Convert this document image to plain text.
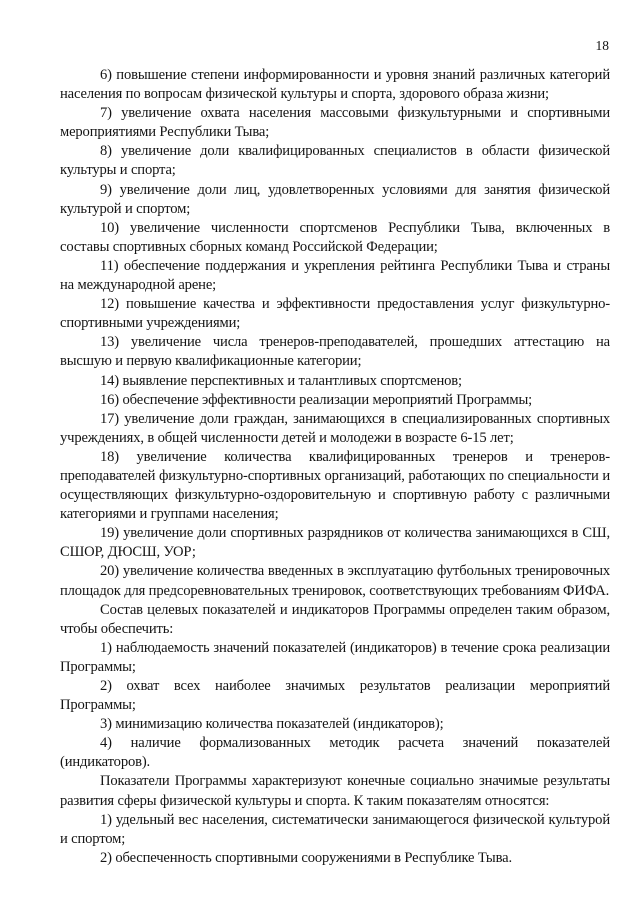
18

6) повышение степени информированности и уровня знаний различных категорий населения по вопросам физической культуры и спорта, здорового образа жизни;

7) увеличение охвата населения массовыми физкультурными и спортивными мероприятиями Республики Тыва;

8) увеличение доли квалифицированных специалистов в области физической культуры и спорта;

9) увеличение доли лиц, удовлетворенных условиями для занятия физической культурой и спортом;

10) увеличение численности спортсменов Республики Тыва, включенных в составы спортивных сборных команд Российской Федерации;

11) обеспечение поддержания и укрепления рейтинга Республики Тыва и страны на международной арене;

12) повышение качества и эффективности предоставления услуг физкультурно-спортивными учреждениями;

13) увеличение числа тренеров-преподавателей, прошедших аттестацию на высшую и первую квалификационные категории;

14) выявление перспективных и талантливых спортсменов;

16) обеспечение эффективности реализации мероприятий Программы;

17) увеличение доли граждан, занимающихся в специализированных спортивных учреждениях, в общей численности детей и молодежи в возрасте 6-15 лет;

18) увеличение количества квалифицированных тренеров и тренеров-преподавателей физкультурно-спортивных организаций, работающих по специальности и осуществляющих физкультурно-оздоровительную и спортивную работу с различными категориями и группами населения;

19) увеличение доли спортивных разрядников от количества занимающихся в СШ, СШОР, ДЮСШ, УОР;

20) увеличение количества введенных в эксплуатацию футбольных тренировочных площадок для предсоревновательных тренировок, соответствующих требованиям ФИФА.

Состав целевых показателей и индикаторов Программы определен таким образом, чтобы обеспечить:

1) наблюдаемость значений показателей (индикаторов) в течение срока реализации Программы;

2) охват всех наиболее значимых результатов реализации мероприятий Программы;

3) минимизацию количества показателей (индикаторов);

4) наличие формализованных методик расчета значений показателей (индикаторов).

Показатели Программы характеризуют конечные социально значимые результаты развития сферы физической культуры и спорта. К таким показателям относятся:

1) удельный вес населения, систематически занимающегося физической культурой и спортом;

2) обеспеченность спортивными сооружениями в Республике Тыва.
